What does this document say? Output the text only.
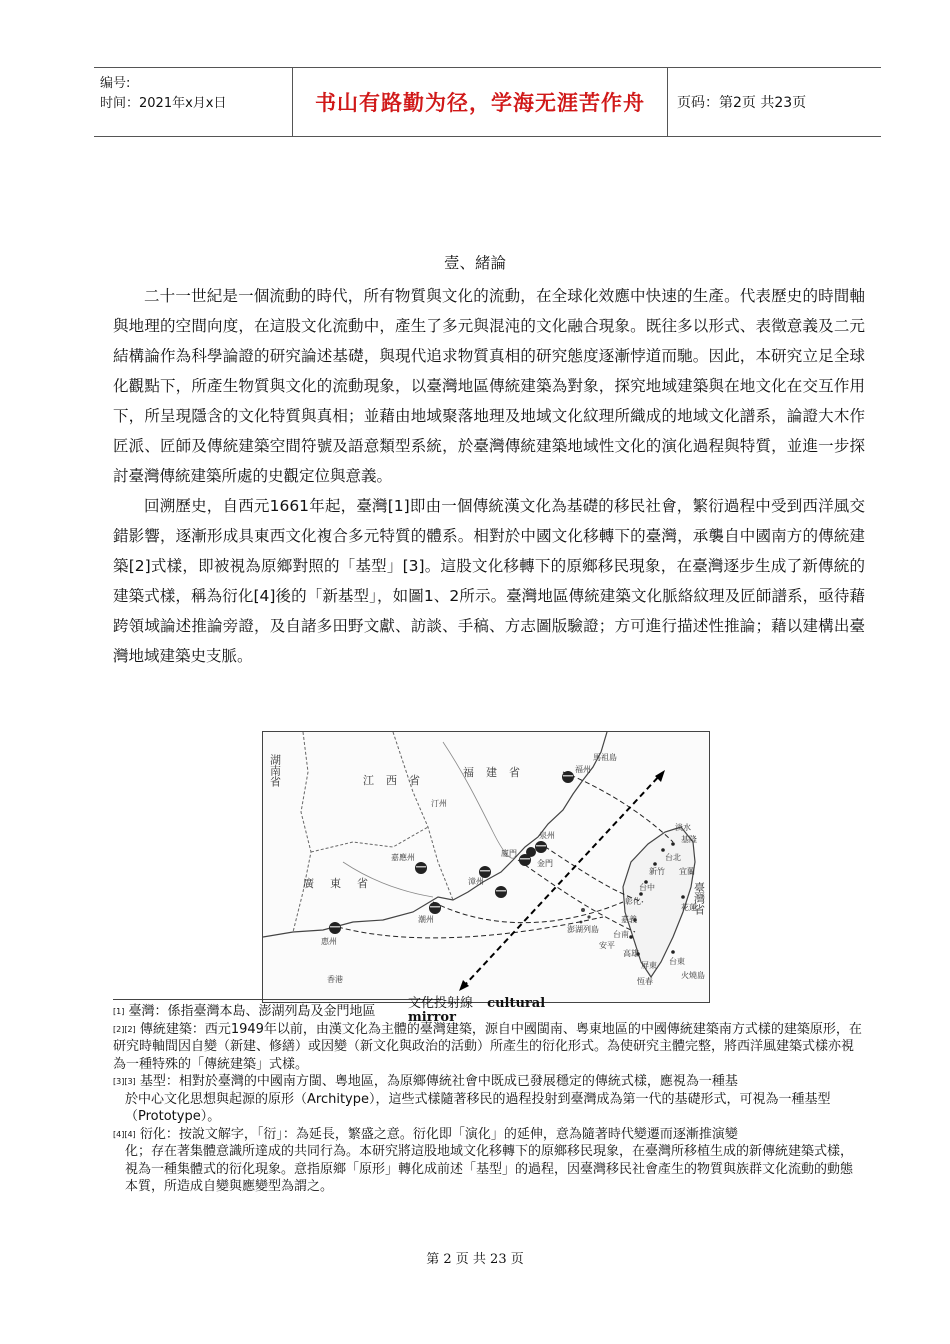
编号:
时间：2021年x月x日	书山有路勤为径，学海无涯苦作舟	页码：第2页 共23页
壹、緒論

二十一世紀是一個流動的時代，所有物質與文化的流動，在全球化效應中快速的生產。代表歷史的時間軸與地理的空間向度，在這股文化流動中，產生了多元與混沌的文化融合現象。既往多以形式、表徵意義及二元結構論作為科學論證的研究論述基礎，與現代追求物質真相的研究態度逐漸悖道而馳。因此，本研究立足全球化觀點下，所產生物質與文化的流動現象，以臺灣地區傳統建築為對象，探究地域建築與在地文化在交互作用下，所呈現隱含的文化特質與真相；並藉由地域聚落地理及地域文化紋理所織成的地域文化譜系，論證大木作匠派、匠師及傳統建築空間符號及語意類型系統，於臺灣傳統建築地域性文化的演化過程與特質，並進一步探討臺灣傳統建築所處的史觀定位與意義。

回溯歷史，自西元1661年起，臺灣[1]即由一個傳統漢文化為基礎的移民社會，繁衍過程中受到西洋風交錯影響，逐漸形成具東西文化複合多元特質的體系。相對於中國文化移轉下的臺灣，承襲自中國南方的傳統建築[2]式樣，即被視為原鄉對照的「基型」[3]。這股文化移轉下的原鄉移民現象，在臺灣逐步生成了新傳統的建築式樣，稱為衍化[4]後的「新基型」，如圖1、2所示。臺灣地區傳統建築文化脈絡紋理及匠師譜系，亟待藉跨領域論述推論旁證，及自諸多田野文獻、訪談、手稿、方志圖版驗證；方可進行描述性推論；藉以建構出臺灣地域建築史支脈。

湖南省	江西省
福建省
廣東省	臺灣省
福州
馬祖島
泉州
廈門
金門
漳州
嘉應州
汀州
潮州
惠州
香港
澎湖列島
淡水
基隆
台北
新竹
台中
彰化
嘉義
台南
安平
高雄
屏東
恆春
宜蘭
花蓮
台東
火燒島
文化投射線 cultural
mirror

[1] 臺灣：係指臺灣本島、澎湖列島及金門地區

[2][2] 傳統建築：西元1949年以前，由漢文化為主體的臺灣建築，源自中國閩南、粵東地區的中國傳統建築南方式樣的建築原形，在研究時軸間因自變（新建、修繕）或因變（新文化與政治的活動）所產生的衍化形式。為使研究主體完整，將西洋風建築式樣亦視為一種特殊的「傳統建築」式樣。

[3][3] 基型：相對於臺灣的中國南方閩、粵地區，為原鄉傳統社會中既成已發展穩定的傳統式樣，應視為一種基
於中心文化思想與起源的原形（Architype），這些式樣隨著移民的過程投射到臺灣成為第一代的基礎形式，可視為一種基型（Prototype）。

[4][4] 衍化：按說文解字，「衍」：為延長，繁盛之意。衍化即「演化」的延伸，意為隨著時代變遷而逐漸推演變
化；存在著集體意識所達成的共同行為。本研究將這股地域文化移轉下的原鄉移民現象，在臺灣所移植生成的新傳統建築式樣，視為一種集體式的衍化現象。意指原鄉「原形」轉化成前述「基型」的過程，因臺灣移民社會產生的物質與族群文化流動的動態本質，所造成自變與應變型為謂之。

第 2 页 共 23 页
